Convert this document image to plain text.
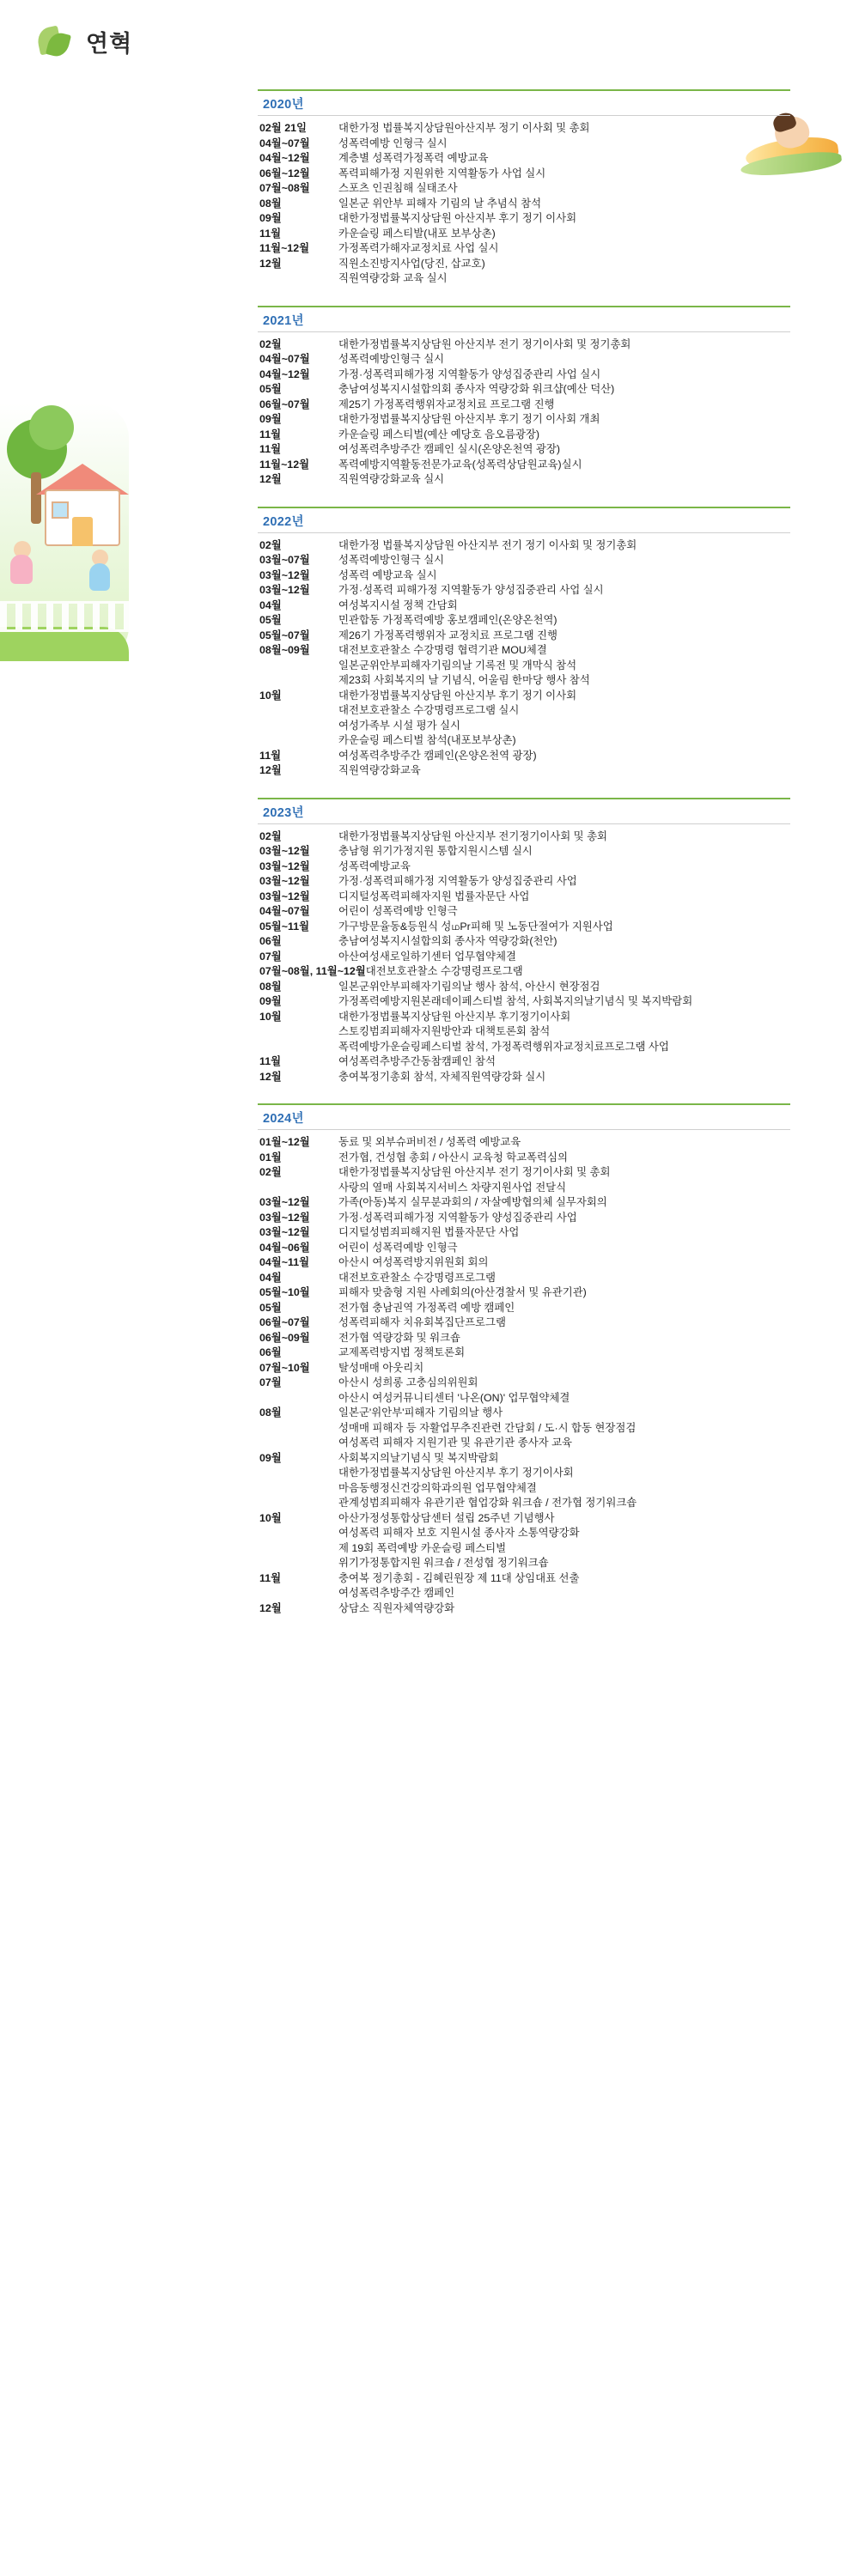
연혁
2020년
02월 21일	대한가정 법률복지상담원아산지부 정기 이사회 및 총회
04월~07월	성폭력예방 인형극 실시
04월~12월	계층별 성폭력가정폭력 예방교육
06월~12월	폭력피해가정 지원위한 지역활동가 사업 실시
07월~08월	스포츠 인권침해 실태조사
08월	일본군 위안부 피해자 기림의 날 추념식 참석
09월	대한가정법률복지상담원 아산지부 후기 정기 이사회
11월	카운슬링 페스티발(내포 보부상촌)
11월~12월	가정폭력가해자교정치료 사업 실시
12월	직원소진방지사업(당진, 삽교호)
직원역량강화 교육 실시
2021년
02월	대한가정법률복지상담원 아산지부 전기 정기이사회 및 정기총회
04월~07월	성폭력예방인형극 실시
04월~12월	가정·성폭력피해가정 지역활동가 양성집중관리 사업 실시
05월	충남여성복지시설합의회 종사자 역량강화 워크샵(예산 덕산)
06월~07월	제25기 가정폭력행위자교정치료 프로그램 진행
09월	대한가정법률복지상담원 아산지부 후기 정기 이사회 개최
11월	카운슬링 페스티벌(예산 예당호 음오름광장)
11월	여성폭력추방주간 캠페인 실시(온양온천역 광장)
11월~12월	폭력예방지역활동전문가교육(성폭력상담원교육)실시
12월	직원역량강화교육 실시
2022년
02월	대한가정 법률복지상담원 아산지부 전기 정기 이사회 및 정기총회
03월~07월	성폭력예방인형극 실시
03월~12월	성폭력 예방교육 실시
03월~12월	가정·성폭력 피해가정 지역활동가 양성집중관리 사업 실시
04월	여성복지시설 정책 간담회
05월	민관합동 가정폭력예방 홍보캠페인(온양온천역)
05월~07월	제26기 가정폭력행위자 교정치료 프로그램 진행
08월~09월	대전보호관찰소 수강명령 협력기관 MOU체결
일본군위안부피해자기림의날 기록전 및 개막식 참석
제23회 사회복지의 날 기념식, 어울림 한마당 행사 참석
10월	대한가정법률복지상담원 아산지부 후기 정기 이사회
대전보호관찰소 수강명령프로그램 실시
여성가족부 시설 평가 실시
카운슬링 페스티벌 참석(내포보부상촌)
11월	여성폭력추방주간 캠페인(온양온천역 광장)
12월	직원역량강화교육
2023년
02월	대한가정법률복지상담원 아산지부 전기정기이사회 및 총회
03월~12월	충남형 위기가정지원 통합지원시스템 실시
03월~12월	성폭력예방교육
03월~12월	가정·성폭력피해가정 지역활동가 양성집중관리 사업
03월~12월	디지털성폭력피해자지원 법률자문단 사업
04월~07월	어린이 성폭력예방 인형극
05월~11월	가구방문율동&등원식 성மPr피해 및 노동단절여가 지원사업
06월	충남여성복지시설합의회 종사자 역량강화(천안)
07월	아산여성새로일하기센터 업무협약체결
07월~08월, 11월~12월 대전보호관찰소 수강명령프로그램
08월	일본군위안부피해자기림의날 행사 참석, 아산시 현장점검
09월	가정폭력예방지원본래데이페스티벌 참석, 사회복지의날기념식 및 복지박람회
10월	대한가정법률복지상담원 아산지부 후기정기이사회
스토킹범죄피해자지원방안과 대책토론회 참석
폭력예방가운슬링페스티벌 참석, 가정폭력행위자교정치료프로그램 사업
11월	여성폭력추방주간동참캠페인 참석
12월	충여복정기총회 참석, 자체직원역량강화 실시
2024년
01월~12월	동료 및 외부슈퍼비전 / 성폭력 예방교육
01월	전가협, 건성협 총회 / 아산시 교육청 학교폭력심의
02월	대한가정법률복지상담원 아산지부 전기 정기이사회 및 총회
사랑의 열매 사회복지서비스 차량지원사업 전달식
03월~12월	가족(아동)복지 실무분과회의 / 자살예방협의체 실무자회의
03월~12월	가정·성폭력피해가정 지역활동가 양성집중관리 사업
03월~12월	디지털성범죄피해지원 법률자문단 사업
04월~06월	어린이 성폭력예방 인형극
04월~11월	아산시 여성폭력방지위원회 회의
04월	대전보호관찰소 수강명령프로그램
05월~10월	피해자 맞춤형 지원 사례회의(아산경찰서 및 유관기관)
05월	전가협 충남권역 가정폭력 예방 캠페인
06월~07월	성폭력피해자 치유회복집단프로그램
06월~09월	전가협 역량강화 및 워크숍
06월	교제폭력방지법 정책토론회
07월~10월	탈성매매 아웃리치
07월	아산시 성희롱 고충심의위원회
아산시 여성커뮤니티센터 '나온(ON)' 업무협약체결
08월	일본군'위안부'피해자 기림의날 행사
성매매 피해자 등 자활업무추진관련 간담회 / 도·시 합동 현장점검
여성폭력 피해자 지원기관 및 유관기관 종사자 교육
09월	사회복지의날기념식 및 복지박람회
대한가정법률복지상담원 아산지부 후기 정기이사회
마음동행정신건강의학과의원 업무협약체결
관계성범죄피해자 유관기관 협업강화 워크숍 / 전가협 정기워크숍
10월	아산가정성통합상담센터 설립 25주년 기념행사
여성폭력 피해자 보호 지원시설 종사자 소통역량강화
제 19회 폭력예방 카운슬링 페스티벌
위기가정통합지원 워크숍 / 전성협 정기워크숍
11월	충여복 정기총회 - 김혜린원장 제 11대 상임대표 선출
여성폭력추방주간 캠페인
12월	상담소 직원자체역량강화
